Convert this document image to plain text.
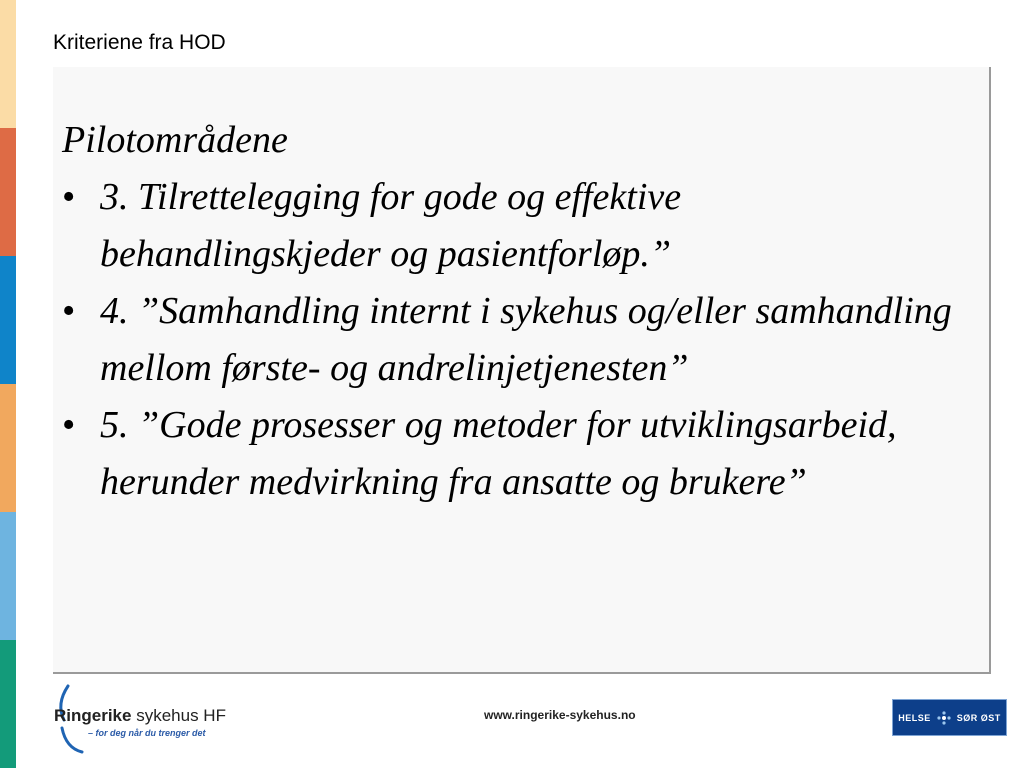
Kriteriene fra HOD

Pilotområdene

• 3. Tilrettelegging for gode og effektive behandlingskjeder og pasientforløp.”
• 4. ”Samhandling internt i sykehus og/eller samhandling mellom første- og andrelinjetjenesten”
• 5. ”Gode prosesser og metoder for utviklingsarbeid, herunder medvirkning fra ansatte og brukere”
Ringerike sykehus HF
– for deg når du trenger det
www.ringerike-sykehus.no	HELSE	SØR ØST
